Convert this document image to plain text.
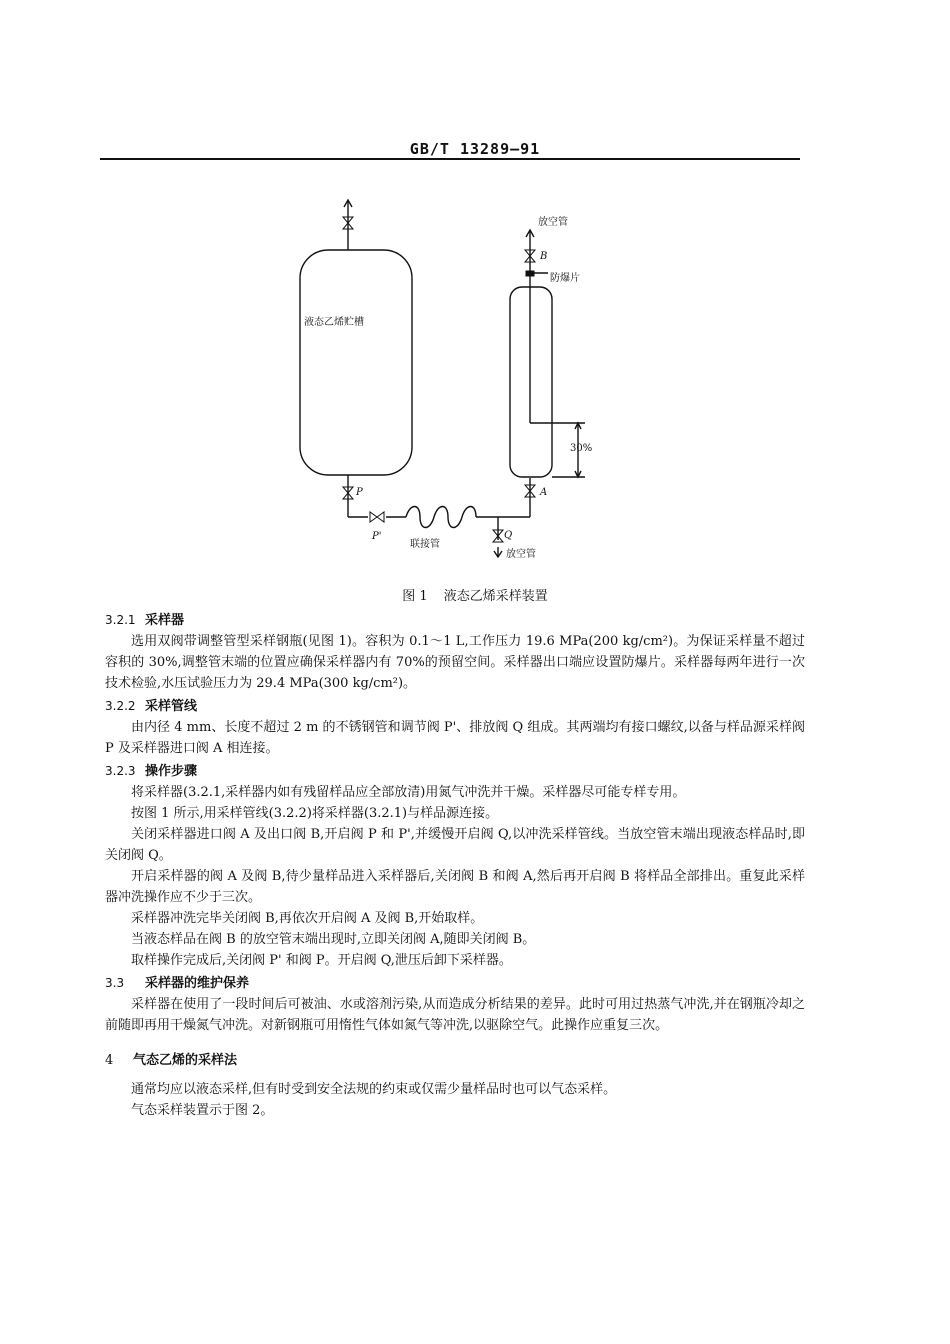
GB/T 13289—91
液态乙烯贮槽
放空管
B
防爆片
30%
A
P
P'
联接管
Q
放空管
图 1 液态乙烯采样装置
3.2.1 采样器
选用双阀带调整管型采样钢瓶(见图 1)。容积为 0.1～1 L,工作压力 19.6 MPa(200 kg/cm²)。为保证采样量不超过容积的 30%,调整管末端的位置应确保采样器内有 70%的预留空间。采样器出口端应设置防爆片。采样器每两年进行一次技术检验,水压试验压力为 29.4 MPa(300 kg/cm²)。
3.2.2 采样管线
由内径 4 mm、长度不超过 2 m 的不锈钢管和调节阀 P'、排放阀 Q 组成。其两端均有接口螺纹,以备与样品源采样阀 P 及采样器进口阀 A 相连接。
3.2.3 操作步骤
将采样器(3.2.1,采样器内如有残留样品应全部放清)用氮气冲洗并干燥。采样器尽可能专样专用。
按图 1 所示,用采样管线(3.2.2)将采样器(3.2.1)与样品源连接。
关闭采样器进口阀 A 及出口阀 B,开启阀 P 和 P',并缓慢开启阀 Q,以冲洗采样管线。当放空管末端出现液态样品时,即关闭阀 Q。
开启采样器的阀 A 及阀 B,待少量样品进入采样器后,关闭阀 B 和阀 A,然后再开启阀 B 将样品全部排出。重复此采样器冲洗操作应不少于三次。
采样器冲洗完毕关闭阀 B,再依次开启阀 A 及阀 B,开始取样。
当液态样品在阀 B 的放空管末端出现时,立即关闭阀 A,随即关闭阀 B。
取样操作完成后,关闭阀 P' 和阀 P。开启阀 Q,泄压后卸下采样器。
3.3 采样器的维护保养
采样器在使用了一段时间后可被油、水或溶剂污染,从而造成分析结果的差异。此时可用过热蒸气冲洗,并在钢瓶冷却之前随即再用干燥氮气冲洗。对新钢瓶可用惰性气体如氮气等冲洗,以驱除空气。此操作应重复三次。
4 气态乙烯的采样法
通常均应以液态采样,但有时受到安全法规的约束或仅需少量样品时也可以气态采样。
气态采样装置示于图 2。
